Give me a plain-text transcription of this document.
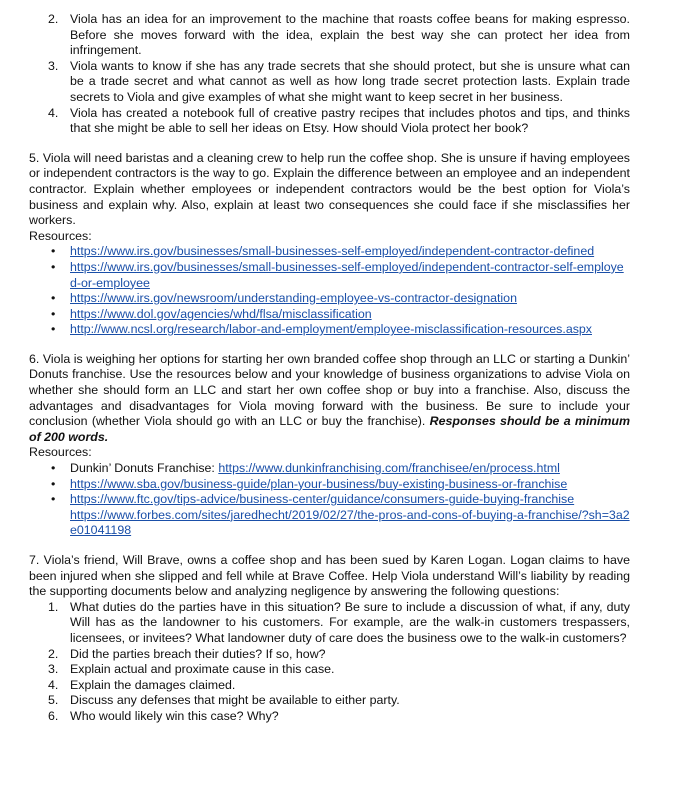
2. Viola has an idea for an improvement to the machine that roasts coffee beans for making espresso. Before she moves forward with the idea, explain the best way she can protect her idea from infringement.
3. Viola wants to know if she has any trade secrets that she should protect, but she is unsure what can be a trade secret and what cannot as well as how long trade secret protection lasts. Explain trade secrets to Viola and give examples of what she might want to keep secret in her business.
4. Viola has created a notebook full of creative pastry recipes that includes photos and tips, and thinks that she might be able to sell her ideas on Etsy. How should Viola protect her book?

5. Viola will need baristas and a cleaning crew to help run the coffee shop. She is unsure if having employees or independent contractors is the way to go. Explain the difference between an employee and an independent contractor. Explain whether employees or independent contractors would be the best option for Viola’s business and explain why. Also, explain at least two consequences she could face if she misclassifies her workers.

Resources:

• https://www.irs.gov/businesses/small-businesses-self-employed/independent-contractor-defined
• https://www.irs.gov/businesses/small-businesses-self-employed/independent-contractor-self-employed-or-employee
• https://www.irs.gov/newsroom/understanding-employee-vs-contractor-designation
• https://www.dol.gov/agencies/whd/flsa/misclassification
• http://www.ncsl.org/research/labor-and-employment/employee-misclassification-resources.aspx

6. Viola is weighing her options for starting her own branded coffee shop through an LLC or starting a Dunkin’ Donuts franchise. Use the resources below and your knowledge of business organizations to advise Viola on whether she should form an LLC and start her own coffee shop or buy into a franchise. Also, discuss the advantages and disadvantages for Viola moving forward with the business. Be sure to include your conclusion (whether Viola should go with an LLC or buy the franchise). Responses should be a minimum of 200 words.

Resources:

• Dunkin’ Donuts Franchise: https://www.dunkinfranchising.com/franchisee/en/process.html
• https://www.sba.gov/business-guide/plan-your-business/buy-existing-business-or-franchise
• https://www.ftc.gov/tips-advice/business-center/guidance/consumers-guide-buying-franchise
https://www.forbes.com/sites/jaredhecht/2019/02/27/the-pros-and-cons-of-buying-a-franchise/?sh=3a2e01041198

7. Viola’s friend, Will Brave, owns a coffee shop and has been sued by Karen Logan. Logan claims to have been injured when she slipped and fell while at Brave Coffee. Help Viola understand Will’s liability by reading the supporting documents below and analyzing negligence by answering the following questions:

1. What duties do the parties have in this situation? Be sure to include a discussion of what, if any, duty Will has as the landowner to his customers. For example, are the walk-in customers trespassers, licensees, or invitees? What landowner duty of care does the business owe to the walk-in customers?
2. Did the parties breach their duties? If so, how?
3. Explain actual and proximate cause in this case.
4. Explain the damages claimed.
5. Discuss any defenses that might be available to either party.
6. Who would likely win this case? Why?
